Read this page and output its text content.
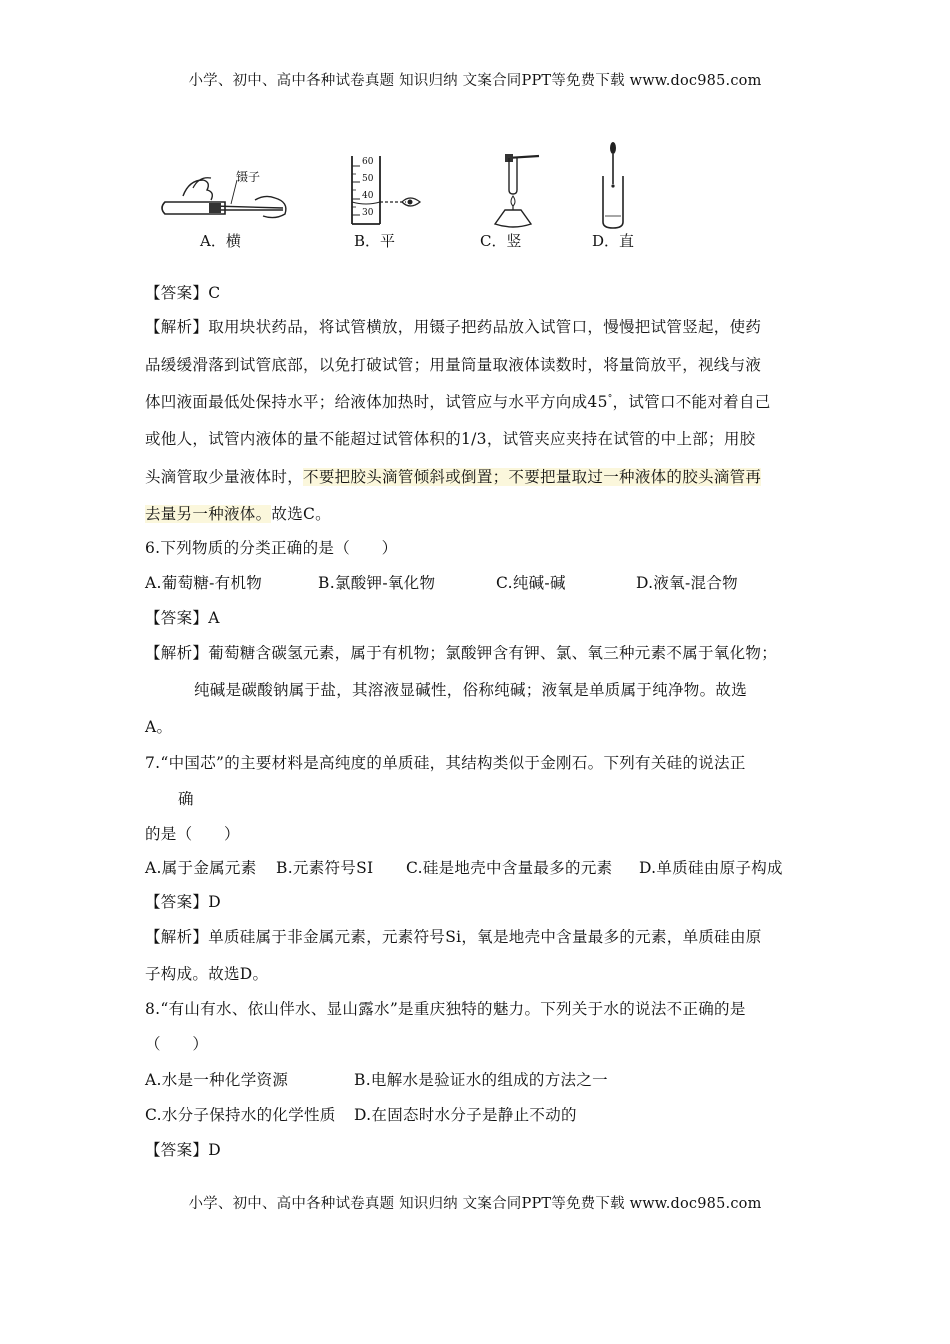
小学、初中、高中各种试卷真题 知识归纳 文案合同PPT等免费下载 www.doc985.com
镊子
A．横
60
50
40
30
B．平	C．竖	D．直
【答案】C
【解析】取用块状药品，将试管横放，用镊子把药品放入试管口，慢慢把试管竖起，使药
品缓缓滑落到试管底部，以免打破试管；用量筒量取液体读数时，将量筒放平，视线与液
体凹液面最低处保持水平；给液体加热时，试管应与水平方向成45°，试管口不能对着自己
或他人，试管内液体的量不能超过试管体积的1/3，试管夹应夹持在试管的中上部；用胶
头滴管取少量液体时，不要把胶头滴管倾斜或倒置；不要把量取过一种液体的胶头滴管再
去量另一种液体。故选C。
6.下列物质的分类正确的是（　　）
A.葡萄糖-有机物	B.氯酸钾-氧化物	C.纯碱-碱	D.液氧-混合物
【答案】A
【解析】葡萄糖含碳氢元素，属于有机物；氯酸钾含有钾、氯、氧三种元素不属于氧化物；
纯碱是碳酸钠属于盐，其溶液显碱性，俗称纯碱；液氧是单质属于纯净物。故选
A。
7.“中国芯”的主要材料是高纯度的单质硅，其结构类似于金刚石。下列有关硅的说法正
确
的是（　　）
A.属于金属元素 B.元素符号SI C.硅是地壳中含量最多的元素 D.单质硅由原子构成
【答案】D
【解析】单质硅属于非金属元素，元素符号Si，氧是地壳中含量最多的元素，单质硅由原
子构成。故选D。
8.“有山有水、依山伴水、显山露水”是重庆独特的魅力。下列关于水的说法不正确的是
（　　）
A.水是一种化学资源	B.电解水是验证水的组成的方法之一
C.水分子保持水的化学性质 D.在固态时水分子是静止不动的
【答案】D
小学、初中、高中各种试卷真题 知识归纳 文案合同PPT等免费下载 www.doc985.com
